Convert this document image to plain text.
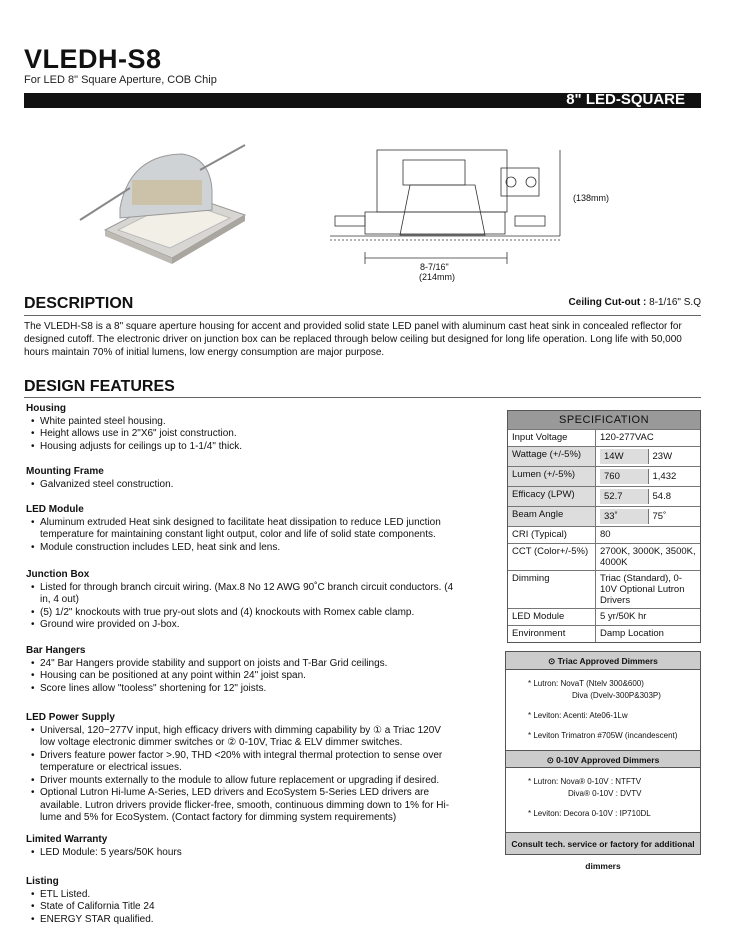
VLEDH-S8
For LED 8" Square Aperture, COB Chip
8" LED-SQUARE
(138mm)
8-7/16"
(214mm)
DESCRIPTION	Ceiling Cut-out : 8-1/16" S.Q
The VLEDH-S8 is a 8" square aperture housing for accent and provided solid state LED panel with aluminum cast heat sink in concealed reflector for designed cutoff. The electronic driver on junction box can be replaced through below ceiling but designed for long life operation. Long life with 50,000 hours maintain 70% of initial lumens, low energy consumption are major purpose.
DESIGN FEATURES
Housing
• White painted steel housing.
• Height allows use in 2"X6" joist construction.
• Housing adjusts for ceilings up to 1-1/4" thick.
Mounting Frame
• Galvanized steel construction.
LED Module
• Aluminum extruded Heat sink designed to facilitate heat dissipation to reduce LED junction temperature for maintaining constant light output, color and life of solid state components.
• Module construction includes LED, heat sink and lens.
Junction Box
• Listed for through branch circuit wiring. (Max.8 No 12 AWG 90˚C branch circuit conductors. (4 in, 4 out)
• (5) 1/2" knockouts with true pry-out slots and (4) knockouts with Romex cable clamp.
• Ground wire provided on J-box.
Bar Hangers
• 24" Bar Hangers provide stability and support on joists and T-Bar Grid ceilings.
• Housing can be positioned at any point within 24" joist span.
• Score lines allow "tooless" shortening for 12" joists.
LED Power Supply
• Universal, 120~277V input, high efficacy drivers with dimming capability by ① a Triac 120V low voltage electronic dimmer switches or ② 0-10V, Triac & ELV dimmer switches.
• Drivers feature power factor >.90, THD <20% with integral thermal protection to sense over temperature or electrical issues.
• Driver mounts externally to the module to allow future replacement or upgrading if desired.
• Optional Lutron Hi-lume A-Series, LED drivers and EcoSystem 5-Series LED drivers are available. Lutron drivers provide flicker-free, smooth, continuous dimming down to 1% for Hi-lume and 5% for EcoSystem. (Contact factory for dimming system requirements)
Limited Warranty
• LED Module: 5 years/50K hours
Listing
• ETL Listed.
• State of California Title 24
• ENERGY STAR qualified.
SPECIFICATION
Input Voltage	120-277VAC
Wattage (+/-5%)	14W	23W
Lumen (+/-5%)	760	1,432
Efficacy (LPW)	52.7	54.8
Beam Angle	33˚	75˚
CRI (Typical)	80
CCT (Color+/-5%)	2700K, 3000K, 3500K, 4000K
Dimming	Triac (Standard), 0-10V Optional Lutron Drivers
LED Module	5 yr/50K hr
Environment	Damp Location
⊙ Triac Approved Dimmers
* Lutron: NovaT (Ntelv 300&600)
Diva (Dvelv-300P&303P)
* Leviton: Acenti: Ate06-1Lw
* Leviton Trimatron #705W (incandescent)
⊙ 0-10V Approved Dimmers
* Lutron: Nova® 0-10V : NTFTV
Diva® 0-10V : DVTV
* Leviton: Decora 0-10V : IP710DL
Consult tech. service or factory for additional dimmers
